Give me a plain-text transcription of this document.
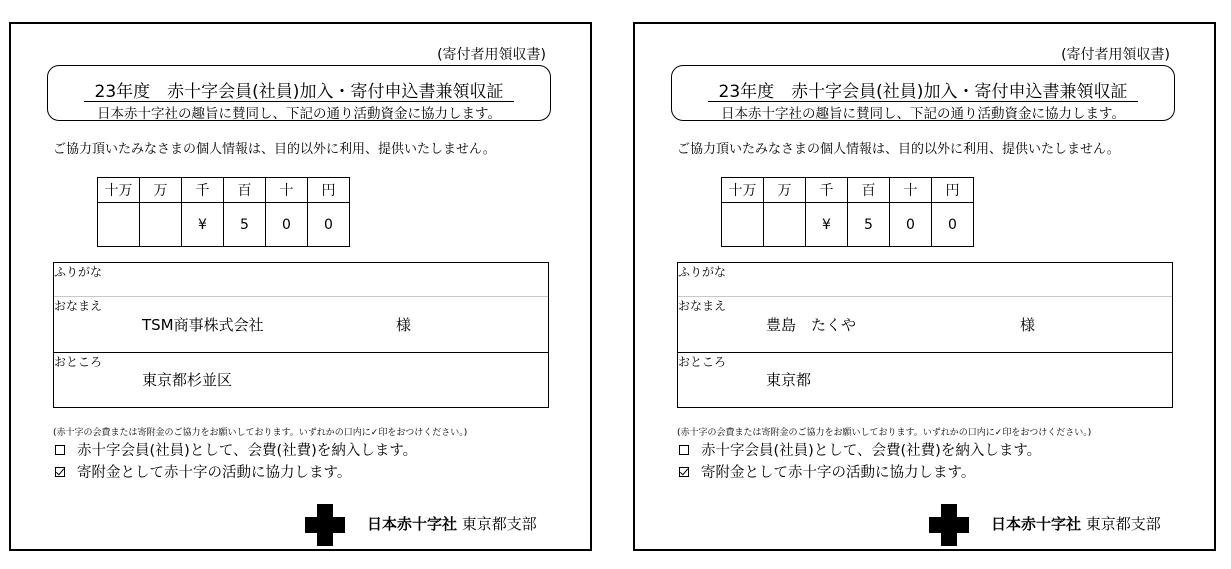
(寄付者用領収書)
23年度　赤十字会員(社員)加入・寄付申込書兼領収証
日本赤十字社の趣旨に賛同し、下記の通り活動資金に協力します。
ご協力頂いたみなさまの個人情報は、目的以外に利用、提供いたしません。
十万	万	千	百	十	円
		¥	5	0	0
ふりがな
おなまえ
TSM商事株式会社	様
おところ
東京都杉並区
(赤十字の会費または寄附金のご協力をお願いしております。いずれかの口内に✓印をおつけください。)
赤十字会員(社員)として、会費(社費)を納入します。
寄附金として赤十字の活動に協力します。
日本赤十字社 東京都支部
(寄付者用領収書)
23年度　赤十字会員(社員)加入・寄付申込書兼領収証
日本赤十字社の趣旨に賛同し、下記の通り活動資金に協力します。
ご協力頂いたみなさまの個人情報は、目的以外に利用、提供いたしません。
十万	万	千	百	十	円
		¥	5	0	0
ふりがな
おなまえ
豊島　たくや	様
おところ
東京都
(赤十字の会費または寄附金のご協力をお願いしております。いずれかの口内に✓印をおつけください。)
赤十字会員(社員)として、会費(社費)を納入します。
寄附金として赤十字の活動に協力します。
日本赤十字社 東京都支部
